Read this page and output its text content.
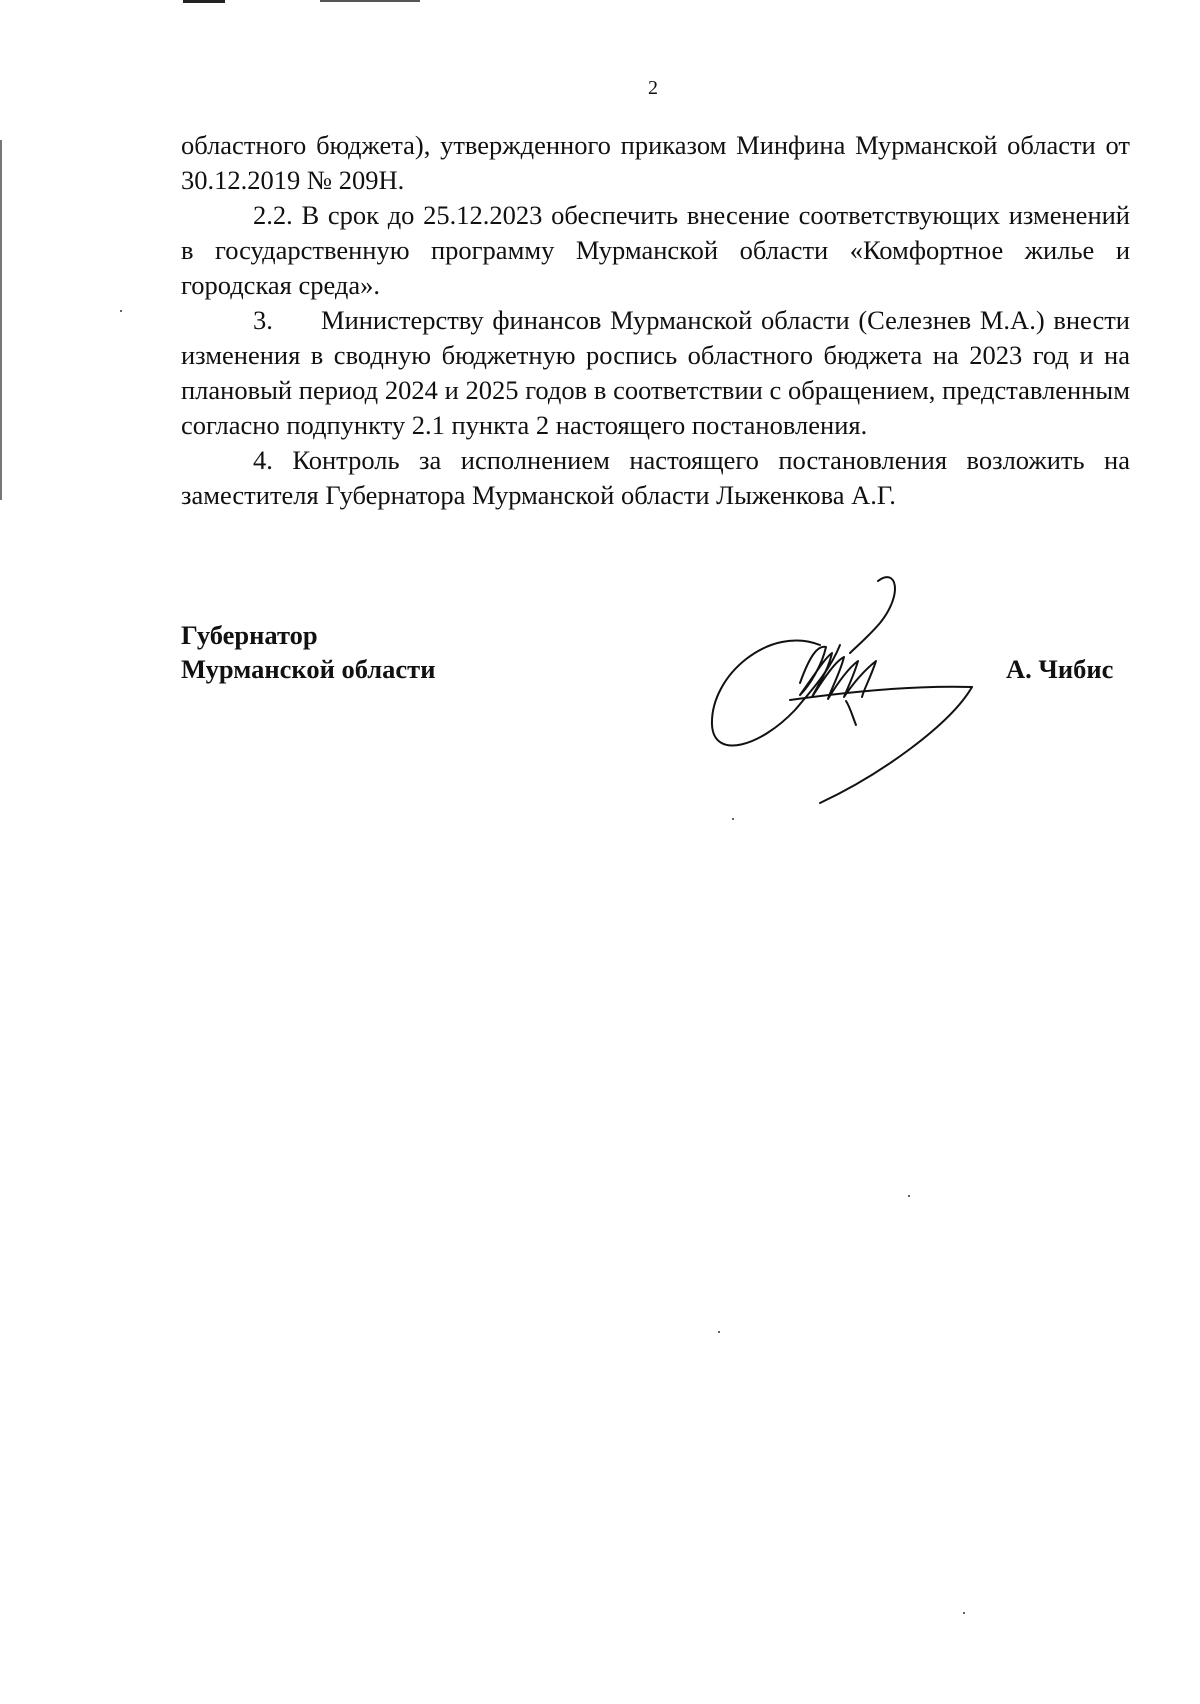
2

областного бюджета), утвержденного приказом Минфина Мурманской области от 30.12.2019 № 209Н.

2.2. В срок до 25.12.2023 обеспечить внесение соответствующих изменений в государственную программу Мурманской области «Комфортное жилье и городская среда».

3. Министерству финансов Мурманской области (Селезнев М.А.) внести изменения в сводную бюджетную роспись областного бюджета на 2023 год и на плановый период 2024 и 2025 годов в соответствии с обращением, представленным согласно подпункту 2.1 пункта 2 настоящего постановления.

4. Контроль за исполнением настоящего постановления возложить на заместителя Губернатора Мурманской области Лыженкова А.Г.

Губернатор
Мурманской области	А. Чибис
